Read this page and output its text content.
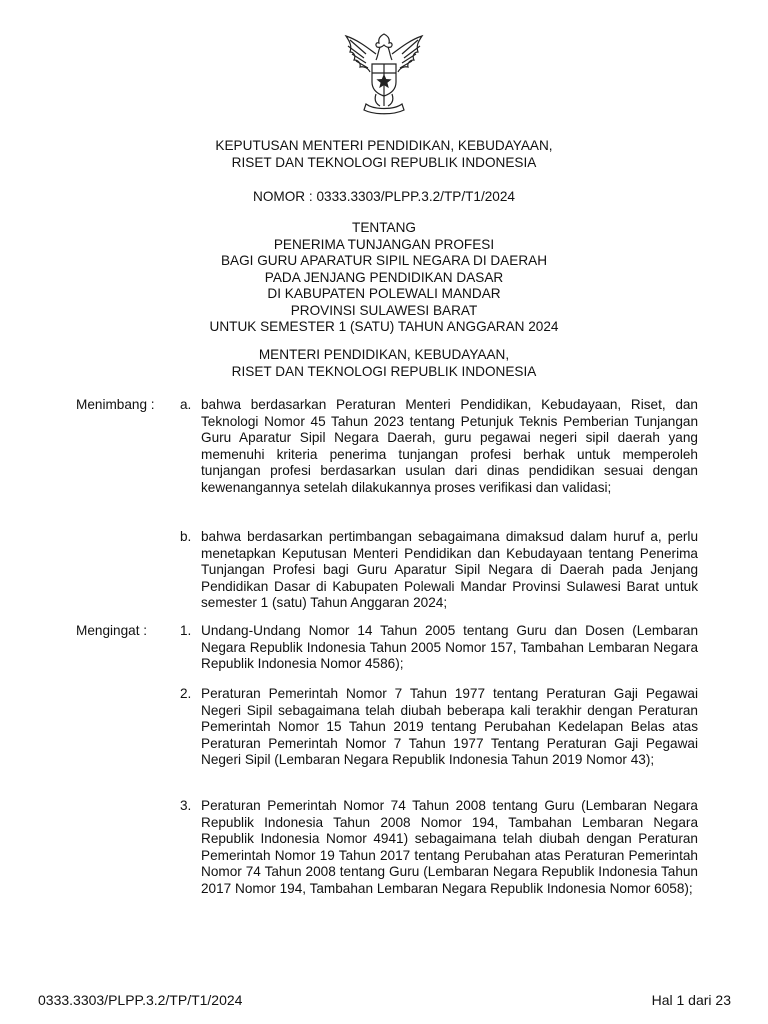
KEPUTUSAN MENTERI PENDIDIKAN, KEBUDAYAAN,
RISET DAN TEKNOLOGI REPUBLIK INDONESIA
NOMOR : 0333.3303/PLPP.3.2/TP/T1/2024
TENTANG
PENERIMA TUNJANGAN PROFESI
BAGI GURU APARATUR SIPIL NEGARA DI DAERAH
PADA JENJANG PENDIDIKAN DASAR
DI KABUPATEN POLEWALI MANDAR
PROVINSI SULAWESI BARAT
UNTUK SEMESTER 1 (SATU) TAHUN ANGGARAN 2024
MENTERI PENDIDIKAN, KEBUDAYAAN,
RISET DAN TEKNOLOGI REPUBLIK INDONESIA
Menimbang : a. bahwa berdasarkan Peraturan Menteri Pendidikan, Kebudayaan, Riset, dan Teknologi Nomor 45 Tahun 2023 tentang Petunjuk Teknis Pemberian Tunjangan Guru Aparatur Sipil Negara Daerah, guru pegawai negeri sipil daerah yang memenuhi kriteria penerima tunjangan profesi berhak untuk memperoleh tunjangan profesi berdasarkan usulan dari dinas pendidikan sesuai dengan kewenangannya setelah dilakukannya proses verifikasi dan validasi;
b. bahwa berdasarkan pertimbangan sebagaimana dimaksud dalam huruf a, perlu menetapkan Keputusan Menteri Pendidikan dan Kebudayaan tentang Penerima Tunjangan Profesi bagi Guru Aparatur Sipil Negara di Daerah pada Jenjang Pendidikan Dasar di Kabupaten Polewali Mandar Provinsi Sulawesi Barat untuk semester 1 (satu) Tahun Anggaran 2024;
Mengingat : 1. Undang-Undang Nomor 14 Tahun 2005 tentang Guru dan Dosen (Lembaran Negara Republik Indonesia Tahun 2005 Nomor 157, Tambahan Lembaran Negara Republik Indonesia Nomor 4586);
2. Peraturan Pemerintah Nomor 7 Tahun 1977 tentang Peraturan Gaji Pegawai Negeri Sipil sebagaimana telah diubah beberapa kali terakhir dengan Peraturan Pemerintah Nomor 15 Tahun 2019 tentang Perubahan Kedelapan Belas atas Peraturan Pemerintah Nomor 7 Tahun 1977 Tentang Peraturan Gaji Pegawai Negeri Sipil (Lembaran Negara Republik Indonesia Tahun 2019 Nomor 43);
3. Peraturan Pemerintah Nomor 74 Tahun 2008 tentang Guru (Lembaran Negara Republik Indonesia Tahun 2008 Nomor 194, Tambahan Lembaran Negara Republik Indonesia Nomor 4941) sebagaimana telah diubah dengan Peraturan Pemerintah Nomor 19 Tahun 2017 tentang Perubahan atas Peraturan Pemerintah Nomor 74 Tahun 2008 tentang Guru (Lembaran Negara Republik Indonesia Tahun 2017 Nomor 194, Tambahan Lembaran Negara Republik Indonesia Nomor 6058);
0333.3303/PLPP.3.2/TP/T1/2024	Hal 1 dari 23
